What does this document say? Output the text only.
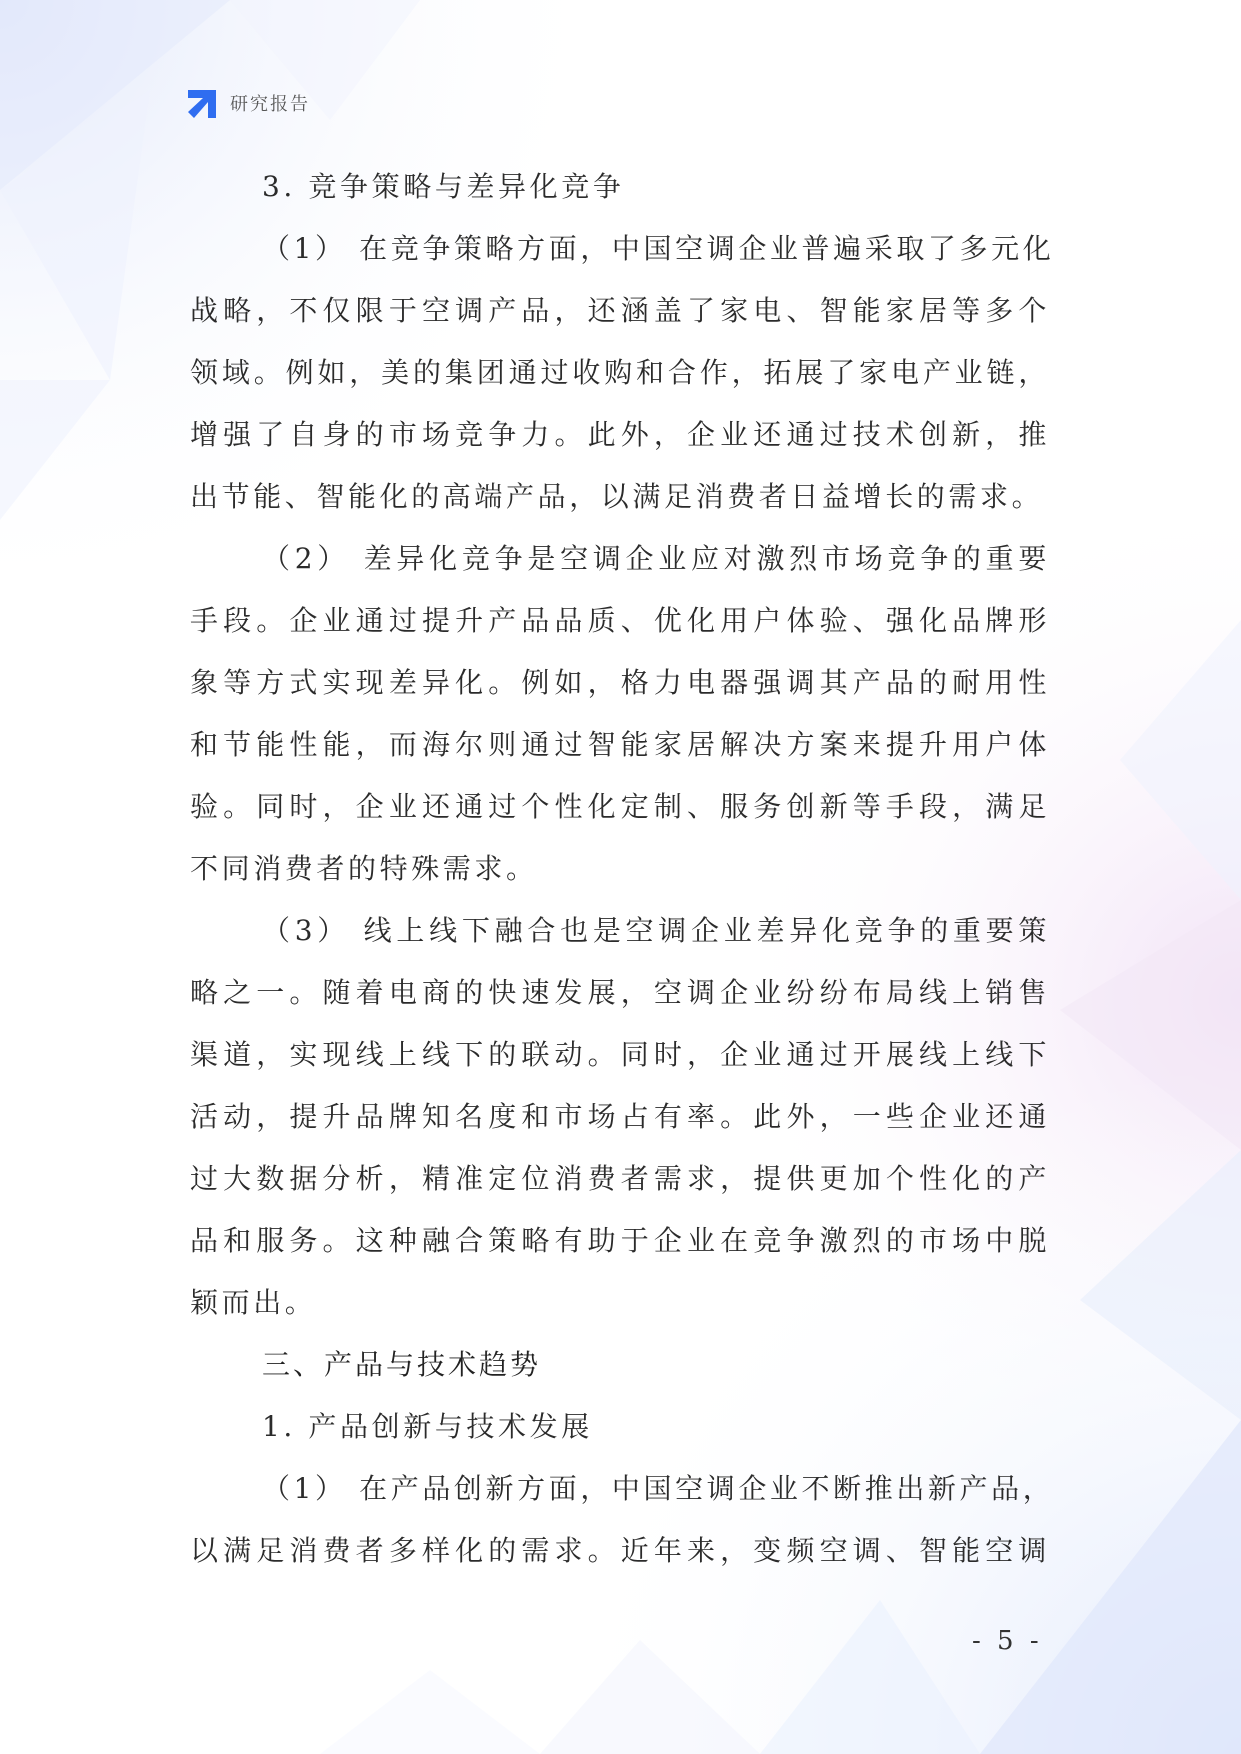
研究报告
3. 竞争策略与差异化竞争
（1） 在竞争策略方面，中国空调企业普遍采取了多元化
战略，不仅限于空调产品，还涵盖了家电、智能家居等多个
领域。例如，美的集团通过收购和合作，拓展了家电产业链，
增强了自身的市场竞争力。此外，企业还通过技术创新，推
出节能、智能化的高端产品，以满足消费者日益增长的需求。
（2） 差异化竞争是空调企业应对激烈市场竞争的重要
手段。企业通过提升产品品质、优化用户体验、强化品牌形
象等方式实现差异化。例如，格力电器强调其产品的耐用性
和节能性能，而海尔则通过智能家居解决方案来提升用户体
验。同时，企业还通过个性化定制、服务创新等手段，满足
不同消费者的特殊需求。
（3） 线上线下融合也是空调企业差异化竞争的重要策
略之一。随着电商的快速发展，空调企业纷纷布局线上销售
渠道，实现线上线下的联动。同时，企业通过开展线上线下
活动，提升品牌知名度和市场占有率。此外，一些企业还通
过大数据分析，精准定位消费者需求，提供更加个性化的产
品和服务。这种融合策略有助于企业在竞争激烈的市场中脱
颖而出。
三、产品与技术趋势
1. 产品创新与技术发展
（1） 在产品创新方面，中国空调企业不断推出新产品，
以满足消费者多样化的需求。近年来，变频空调、智能空调
- 5 -
